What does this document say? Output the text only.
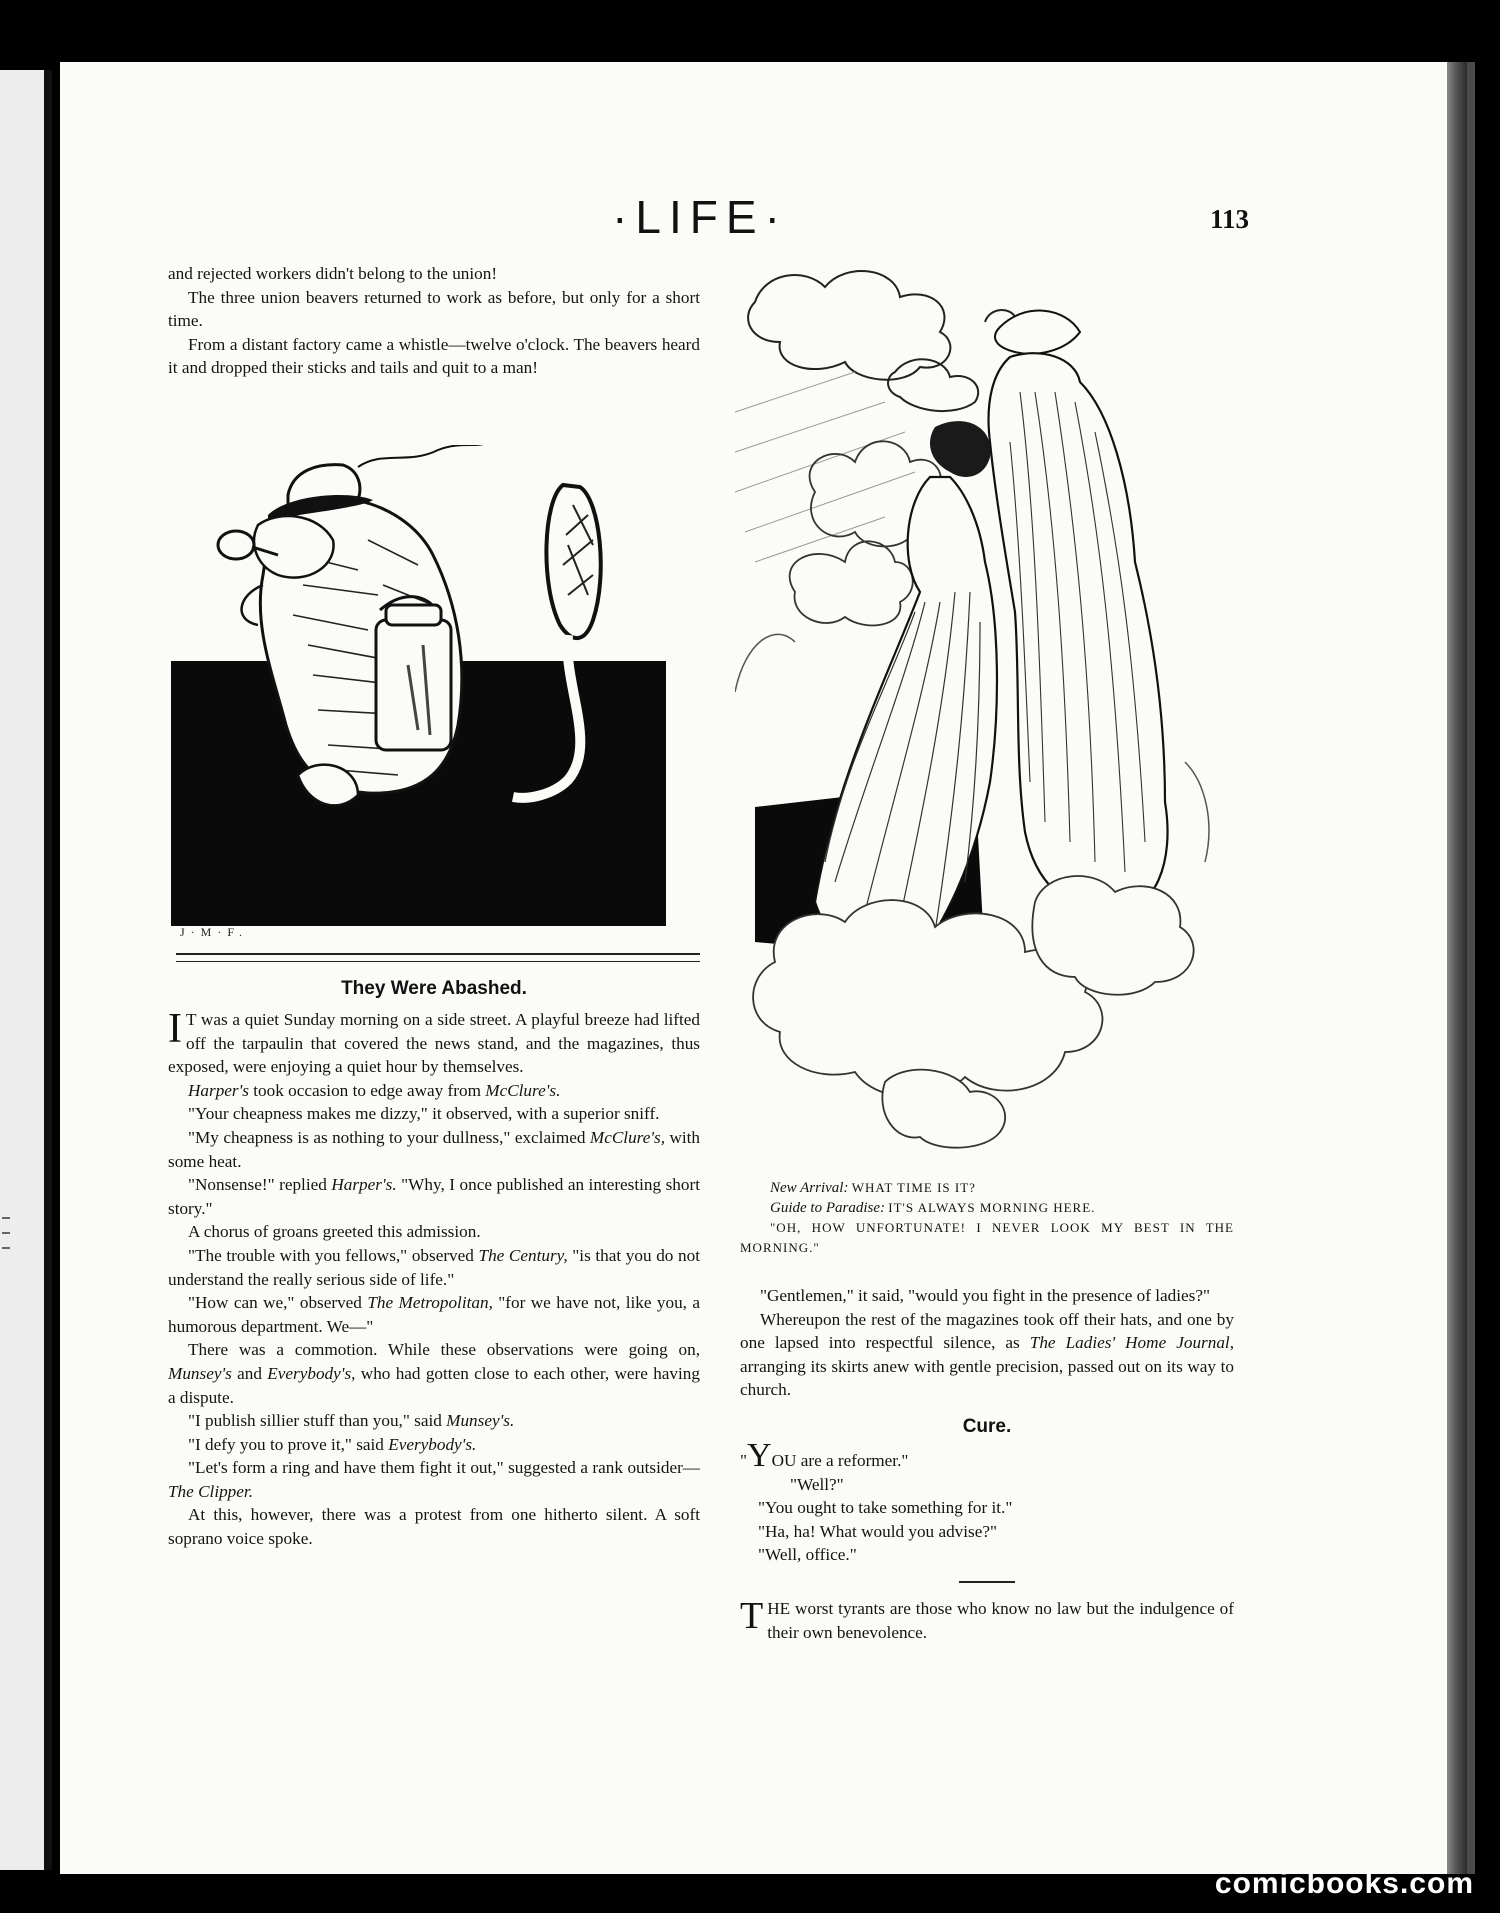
·LIFE·	113

and rejected workers didn't belong to the union!

The three union beavers returned to work as before, but only for a short time.

From a distant factory came a whistle—twelve o'clock. The beavers heard it and dropped their sticks and tails and quit to a man!

J·M·F.
They Were Abashed.

I T was a quiet Sunday morning on a side street. A playful breeze had lifted off the tarpaulin that covered the news stand, and the magazines, thus exposed, were enjoying a quiet hour by themselves.

Harper's took occasion to edge away from McClure's.

"Your cheapness makes me dizzy," it observed, with a superior sniff.

"My cheapness is as nothing to your dullness," exclaimed McClure's, with some heat.

"Nonsense!" replied Harper's. "Why, I once published an interesting short story."

A chorus of groans greeted this admission.

"The trouble with you fellows," observed The Century, "is that you do not understand the really serious side of life."

"How can we," observed The Metropolitan, "for we have not, like you, a humorous department. We—"

There was a commotion. While these observations were going on, Munsey's and Everybody's, who had gotten close to each other, were having a dispute.

"I publish sillier stuff than you," said Munsey's.

"I defy you to prove it," said Everybody's.

"Let's form a ring and have them fight it out," suggested a rank outsider—The Clipper.

At this, however, there was a protest from one hitherto silent. A soft soprano voice spoke.

New Arrival: WHAT TIME IS IT?
Guide to Paradise: IT'S ALWAYS MORNING HERE.
"OH, HOW UNFORTUNATE! I NEVER LOOK MY BEST IN THE MORNING."

"Gentlemen," it said, "would you fight in the presence of ladies?"

Whereupon the rest of the magazines took off their hats, and one by one lapsed into respectful silence, as The Ladies' Home Journal, arranging its skirts anew with gentle precision, passed out on its way to church.

Cure.
"YOU are a reformer."
"Well?"
"You ought to take something for it."
"Ha, ha! What would you advise?"
"Well, office."

THE worst tyrants are those who know no law but the indulgence of their own benevolence.

comicbooks.com
